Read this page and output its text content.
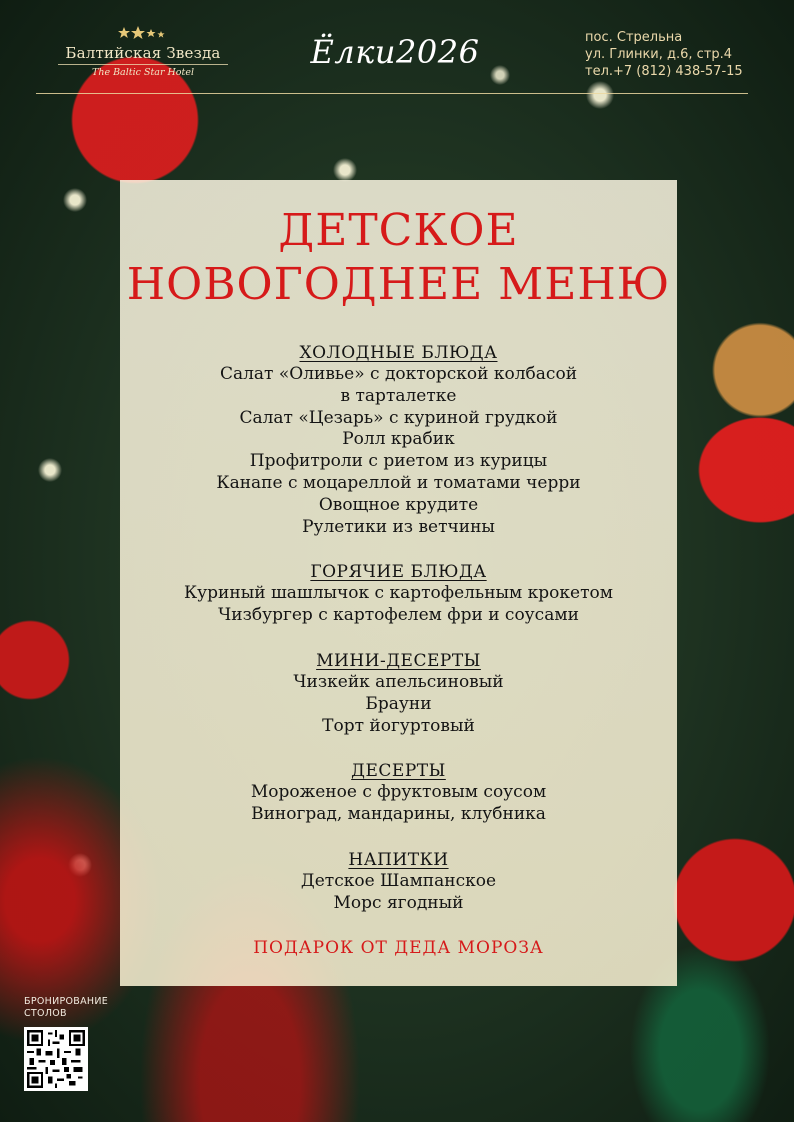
Балтийская Звезда
The Baltic Star Hotel
Ёлки2026	пос. Стрельна
ул. Глинки, д.6, стр.4
тел.+7 (812) 438-57-15
ДЕТСКОЕ
НОВОГОДНЕЕ МЕНЮ
ХОЛОДНЫЕ БЛЮДА
Салат «Оливье» с докторской колбасой
в тарталетке
Салат «Цезарь» с куриной грудкой
Ролл крабик
Профитроли с риетом из курицы
Канапе с моцареллой и томатами черри
Овощное крудите
Рулетики из ветчины
ГОРЯЧИЕ БЛЮДА
Куриный шашлычок с картофельным крокетом
Чизбургер с картофелем фри и соусами
МИНИ-ДЕСЕРТЫ
Чизкейк апельсиновый
Брауни
Торт йогуртовый
ДЕСЕРТЫ
Мороженое с фруктовым соусом
Виноград, мандарины, клубника
НАПИТКИ
Детское Шампанское
Морс ягодный
ПОДАРОК ОТ ДЕДА МОРОЗА
БРОНИРОВАНИЕ
СТОЛОВ
